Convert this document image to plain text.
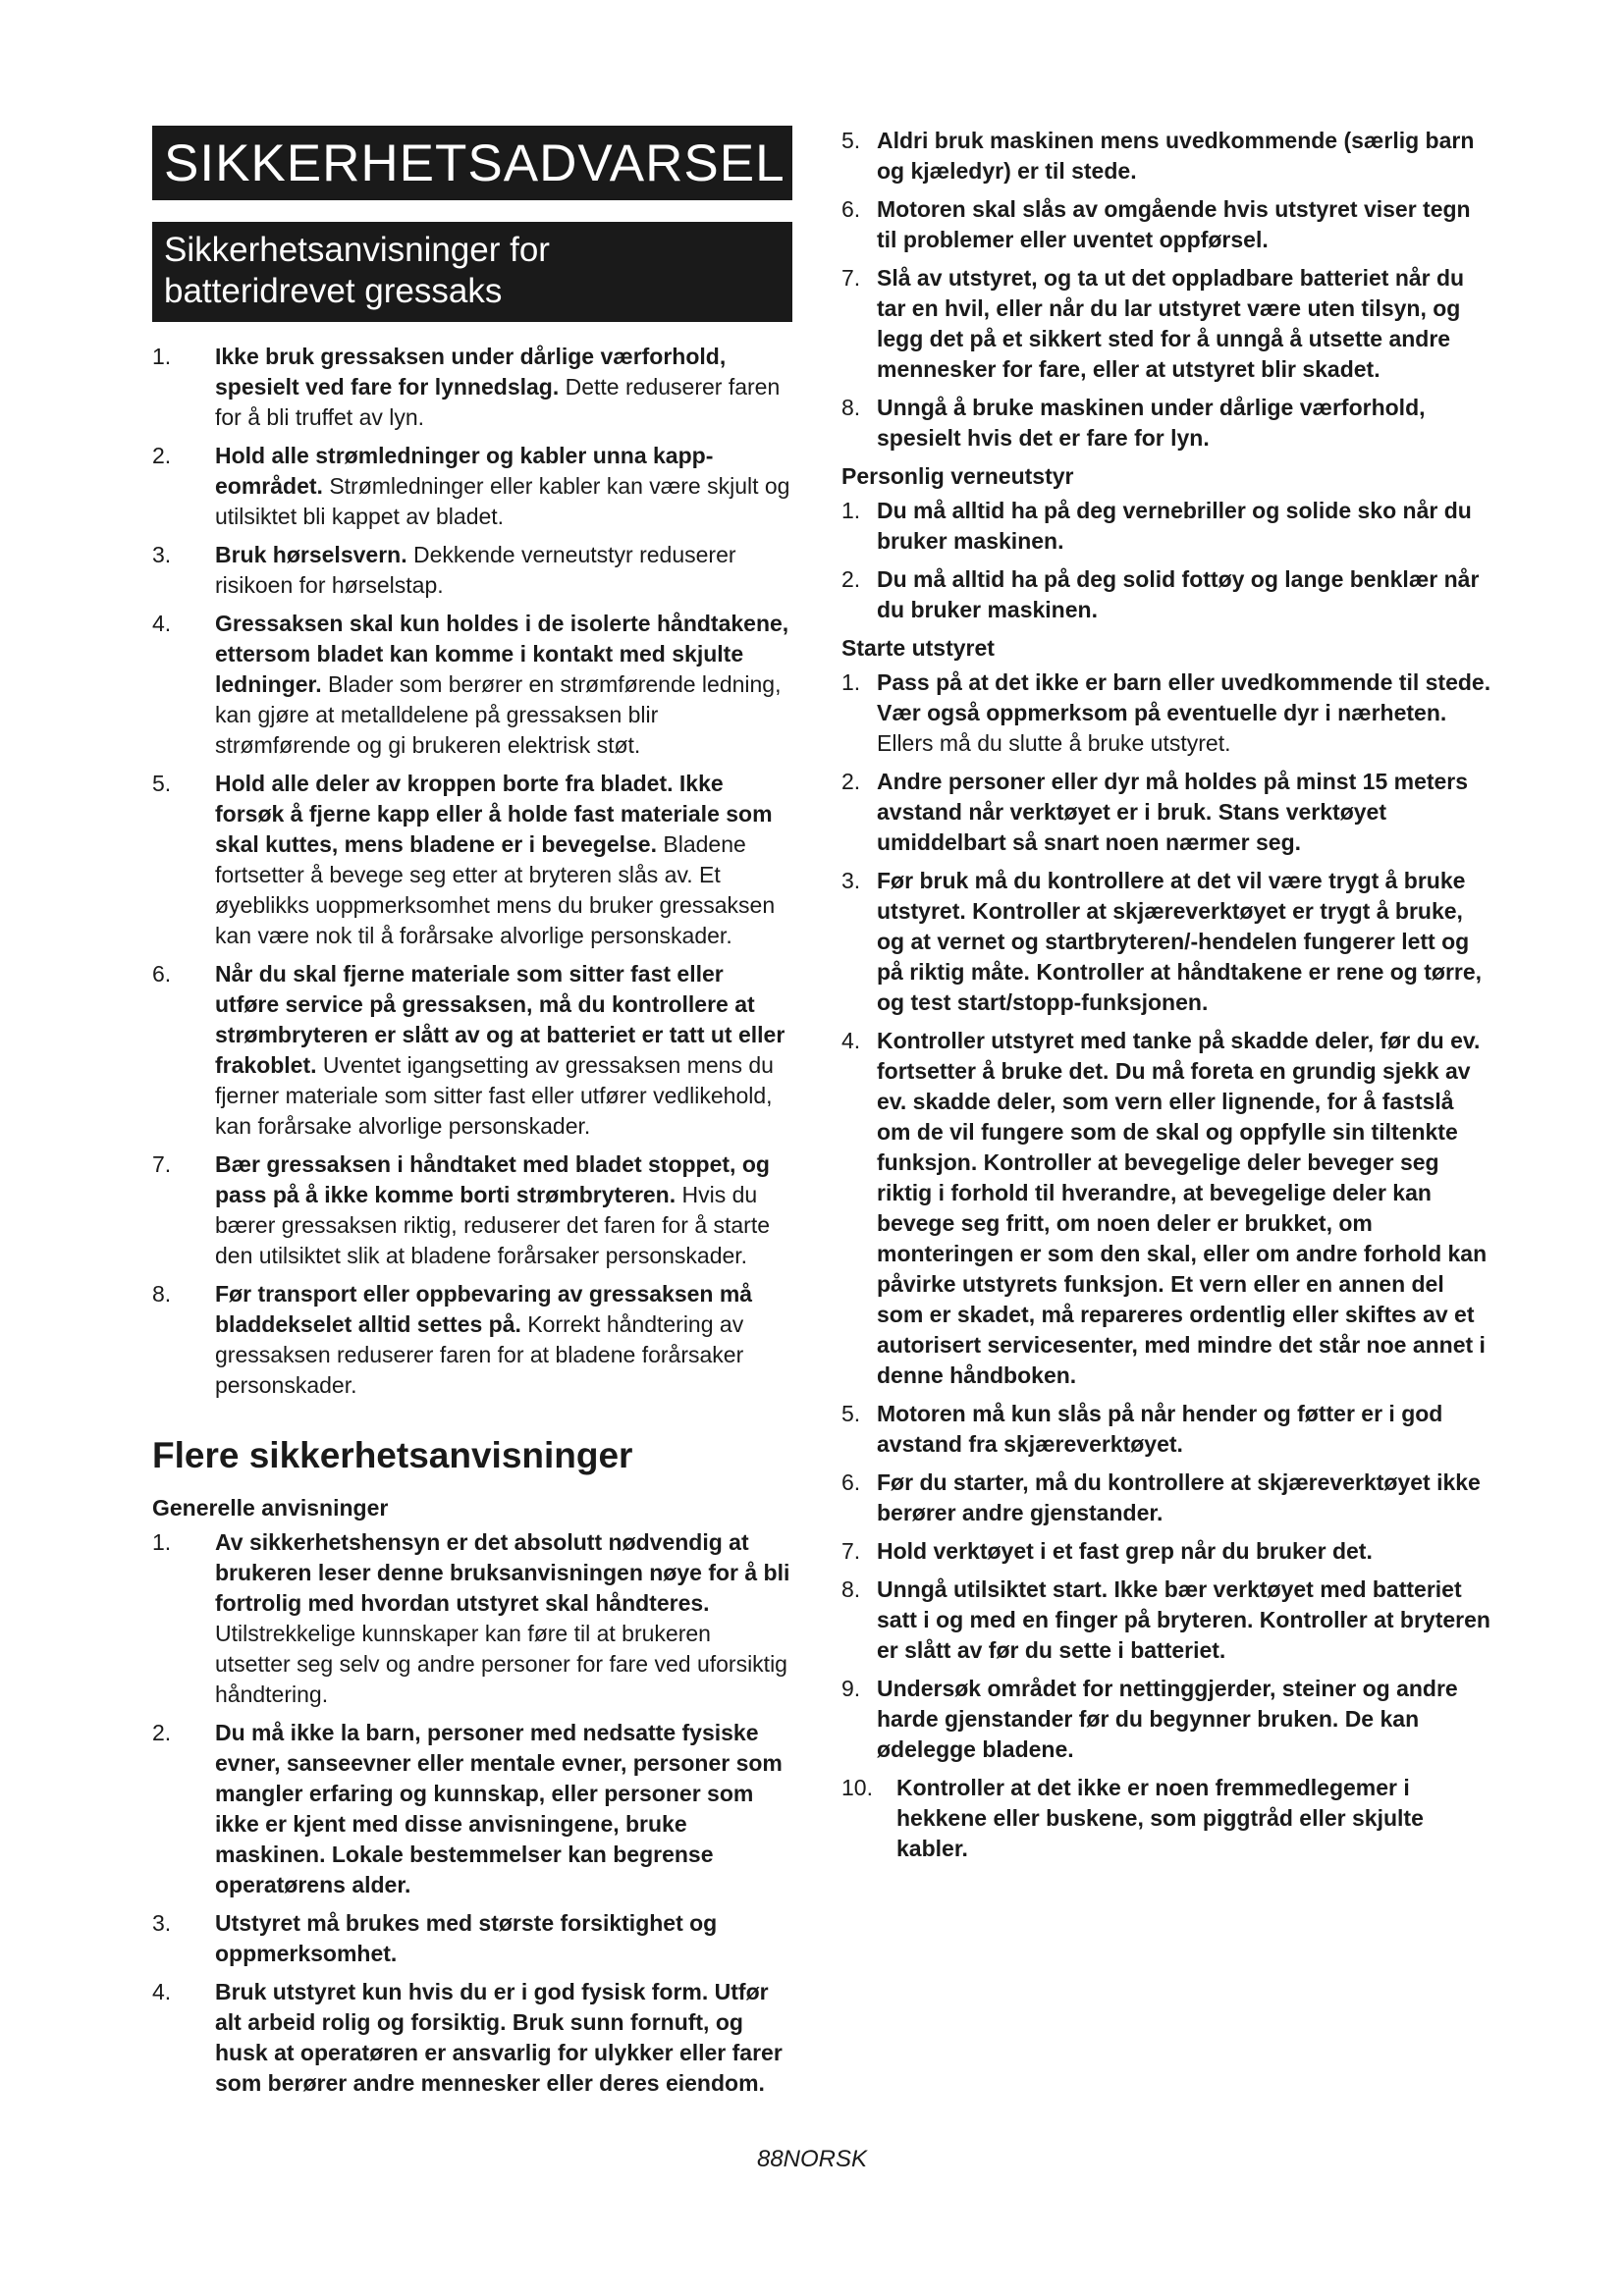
SIKKERHETSADVARSEL
Sikkerhetsanvisninger for
batteridrevet gressaks
1. Ikke bruk gressaksen under dårlige værforhold, spesielt ved fare for lynnedslag. Dette reduserer faren for å bli truffet av lyn.
2. Hold alle strømledninger og kabler unna kappeområdet. Strømledninger eller kabler kan være skjult og utilsiktet bli kappet av bladet.
3. Bruk hørselsvern. Dekkende verneutstyr reduserer risikoen for hørselstap.
4. Gressaksen skal kun holdes i de isolerte håndtakene, ettersom bladet kan komme i kontakt med skjulte ledninger. Blader som berører en strømførende ledning, kan gjøre at metalldelene på gressaksen blir strømførende og gi brukeren elektrisk støt.
5. Hold alle deler av kroppen borte fra bladet. Ikke forsøk å fjerne kapp eller å holde fast materiale som skal kuttes, mens bladene er i bevegelse. Bladene fortsetter å bevege seg etter at bryteren slås av. Et øyeblikks uoppmerksomhet mens du bruker gressaksen kan være nok til å forårsake alvorlige personskader.
6. Når du skal fjerne materiale som sitter fast eller utføre service på gressaksen, må du kontrollere at strømbryteren er slått av og at batteriet er tatt ut eller frakoblet. Uventet igangsetting av gressaksen mens du fjerner materiale som sitter fast eller utfører vedlikehold, kan forårsake alvorlige personskader.
7. Bær gressaksen i håndtaket med bladet stoppet, og pass på å ikke komme borti strømbryteren. Hvis du bærer gressaksen riktig, reduserer det faren for å starte den utilsiktet slik at bladene forårsaker personskader.
8. Før transport eller oppbevaring av gressaksen må bladdekselet alltid settes på. Korrekt håndtering av gressaksen reduserer faren for at bladene forårsaker personskader.
Flere sikkerhetsanvisninger
Generelle anvisninger
1. Av sikkerhetshensyn er det absolutt nødvendig at brukeren leser denne bruksanvisningen nøye for å bli fortrolig med hvordan utstyret skal håndteres. Utilstrekkelige kunnskaper kan føre til at brukeren utsetter seg selv og andre personer for fare ved uforsiktig håndtering.
2. Du må ikke la barn, personer med nedsatte fysiske evner, sanseevner eller mentale evner, personer som mangler erfaring og kunnskap, eller personer som ikke er kjent med disse anvisningene, bruke maskinen. Lokale bestemmelser kan begrense operatørens alder.
3. Utstyret må brukes med største forsiktighet og oppmerksomhet.
4. Bruk utstyret kun hvis du er i god fysisk form. Utfør alt arbeid rolig og forsiktig. Bruk sunn fornuft, og husk at operatøren er ansvarlig for ulykker eller farer som berører andre mennesker eller deres eiendom.
5. Aldri bruk maskinen mens uvedkommende (særlig barn og kjæledyr) er til stede.
6. Motoren skal slås av omgående hvis utstyret viser tegn til problemer eller uventet oppførsel.
7. Slå av utstyret, og ta ut det oppladbare batteriet når du tar en hvil, eller når du lar utstyret være uten tilsyn, og legg det på et sikkert sted for å unngå å utsette andre mennesker for fare, eller at utstyret blir skadet.
8. Unngå å bruke maskinen under dårlige værforhold, spesielt hvis det er fare for lyn.
Personlig verneutstyr
1. Du må alltid ha på deg vernebriller og solide sko når du bruker maskinen.
2. Du må alltid ha på deg solid fottøy og lange benklær når du bruker maskinen.
Starte utstyret
1. Pass på at det ikke er barn eller uvedkommende til stede. Vær også oppmerksom på eventuelle dyr i nærheten. Ellers må du slutte å bruke utstyret.
2. Andre personer eller dyr må holdes på minst 15 meters avstand når verktøyet er i bruk. Stans verktøyet umiddelbart så snart noen nærmer seg.
3. Før bruk må du kontrollere at det vil være trygt å bruke utstyret. Kontroller at skjæreverktøyet er trygt å bruke, og at vernet og startbryteren/-hendelen fungerer lett og på riktig måte. Kontroller at håndtakene er rene og tørre, og test start/stopp-funksjonen.
4. Kontroller utstyret med tanke på skadde deler, før du ev. fortsetter å bruke det. Du må foreta en grundig sjekk av ev. skadde deler, som vern eller lignende, for å fastslå om de vil fungere som de skal og oppfylle sin tiltenkte funksjon. Kontroller at bevegelige deler beveger seg riktig i forhold til hverandre, at bevegelige deler kan bevege seg fritt, om noen deler er brukket, om monteringen er som den skal, eller om andre forhold kan påvirke utstyrets funksjon. Et vern eller en annen del som er skadet, må repareres ordentlig eller skiftes av et autorisert servicesenter, med mindre det står noe annet i denne håndboken.
5. Motoren må kun slås på når hender og føtter er i god avstand fra skjæreverktøyet.
6. Før du starter, må du kontrollere at skjæreverktøyet ikke berører andre gjenstander.
7. Hold verktøyet i et fast grep når du bruker det.
8. Unngå utilsiktet start. Ikke bær verktøyet med batteriet satt i og med en finger på bryteren. Kontroller at bryteren er slått av før du sette i batteriet.
9. Undersøk området for nettinggjerder, steiner og andre harde gjenstander før du begynner bruken. De kan ødelegge bladene.
10. Kontroller at det ikke er noen fremmedlegemer i hekkene eller buskene, som piggtråd eller skjulte kabler.
88NORSK
